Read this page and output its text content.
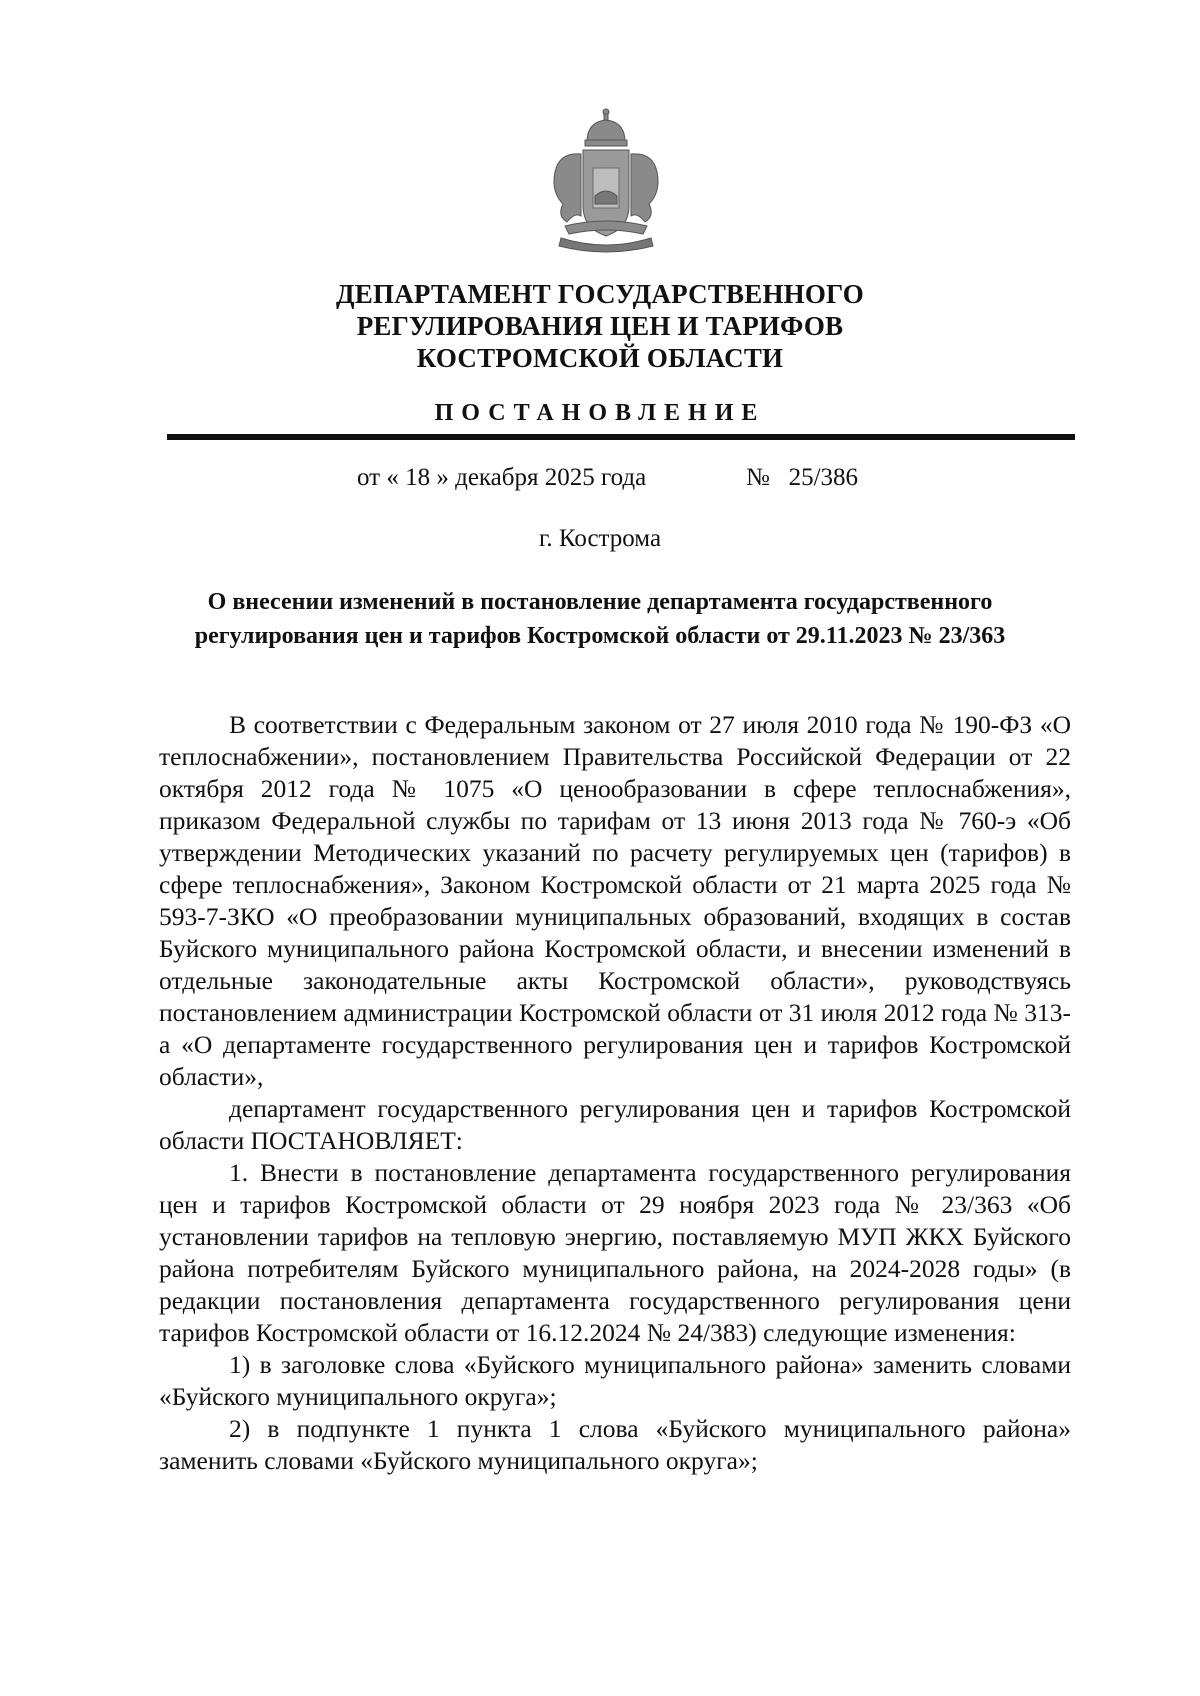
ДЕПАРТАМЕНТ ГОСУДАРСТВЕННОГО
РЕГУЛИРОВАНИЯ ЦЕН И ТАРИФОВ
КОСТРОМСКОЙ ОБЛАСТИ
ПОСТАНОВЛЕНИЕ
от « 18 » декабря 2025 года	№   25/386
г. Кострома
О внесении изменений в постановление департамента государственного
регулирования цен и тарифов Костромской области от 29.11.2023 № 23/363

В соответствии с Федеральным законом от 27 июля 2010 года № 190-ФЗ «О теплоснабжении», постановлением Правительства Российской Федерации от 22 октября 2012 года № 1075 «О ценообразовании в сфере теплоснабжения», приказом Федеральной службы по тарифам от 13 июня 2013 года № 760-э «Об утверждении Методических указаний по расчету регулируемых цен (тарифов) в сфере теплоснабжения», Законом Костромской области от 21 марта 2025 года № 593-7-ЗКО «О преобразовании муниципальных образований, входящих в состав Буйского муниципального района Костромской области, и внесении изменений в отдельные законодательные акты Костромской области», руководствуясь постановлением администрации Костромской области от 31 июля 2012 года № 313-а «О департаменте государственного регулирования цен и тарифов Костромской области»,

департамент государственного регулирования цен и тарифов Костромской области ПОСТАНОВЛЯЕТ:

1. Внести в постановление департамента государственного регулирования цен и тарифов Костромской области от 29 ноября 2023 года № 23/363 «Об установлении тарифов на тепловую энергию, поставляемую МУП ЖКХ Буйского района потребителям Буйского муниципального района, на 2024-2028 годы» (в редакции постановления департамента государственного регулирования цени тарифов Костромской области от 16.12.2024 № 24/383) следующие изменения:

1) в заголовке слова «Буйского муниципального района» заменить словами «Буйского муниципального округа»;

2) в подпункте 1 пункта 1 слова «Буйского муниципального района» заменить словами «Буйского муниципального округа»;
